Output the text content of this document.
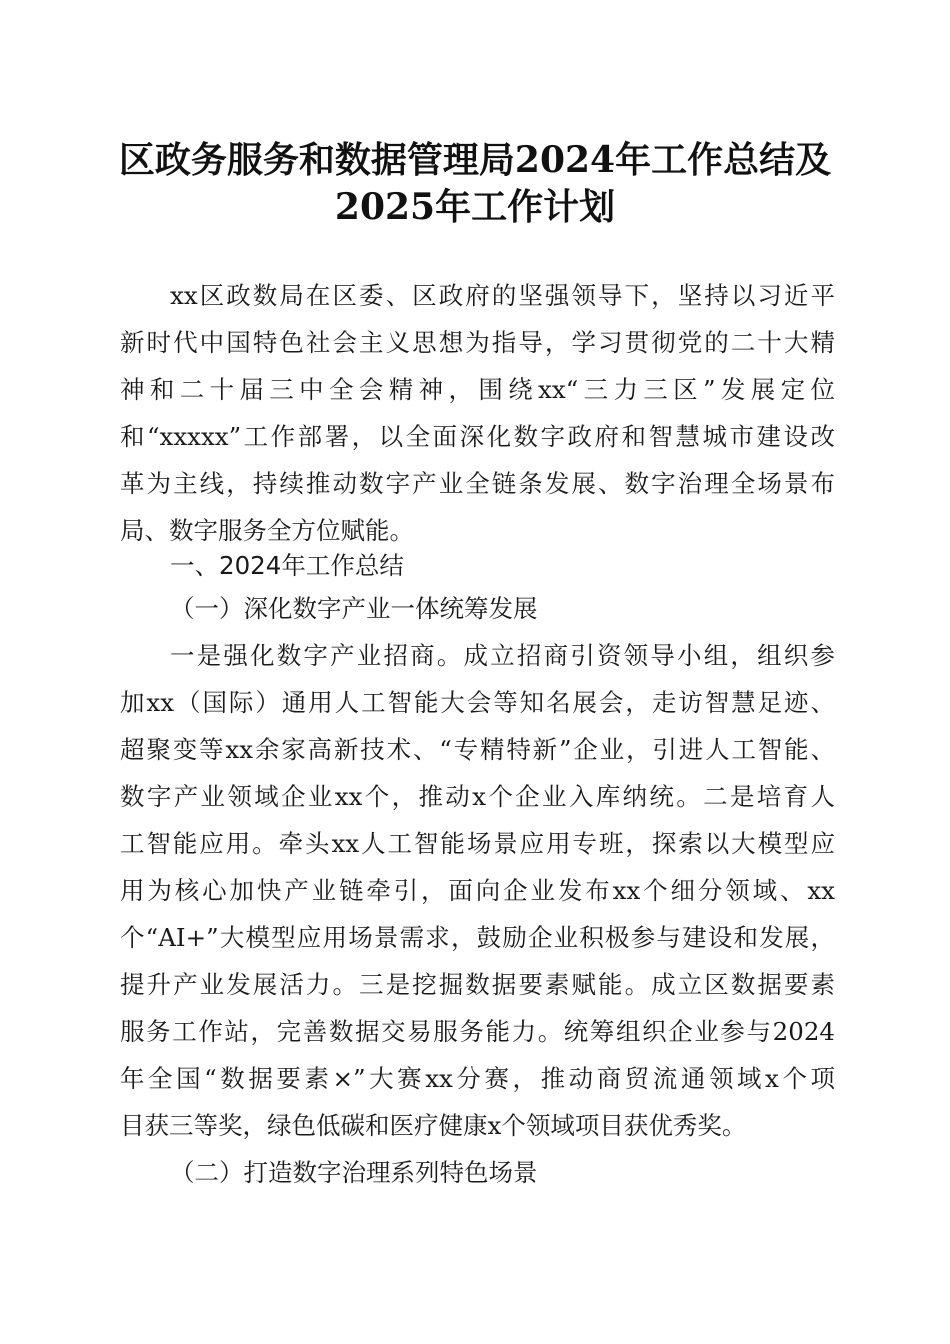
区政务服务和数据管理局2024年工作总结及
2025年工作计划
xx区政数局在区委、区政府的坚强领导下，坚持以习近平
新时代中国特色社会主义思想为指导，学习贯彻党的二十大精
神和二十届三中全会精神，围绕xx“三力三区”发展定位
和“xxxxx”工作部署，以全面深化数字政府和智慧城市建设改
革为主线，持续推动数字产业全链条发展、数字治理全场景布
局、数字服务全方位赋能。
一、2024年工作总结
（一）深化数字产业一体统筹发展
一是强化数字产业招商。成立招商引资领导小组，组织参
加xx（国际）通用人工智能大会等知名展会，走访智慧足迹、
超聚变等xx余家高新技术、“专精特新”企业，引进人工智能、
数字产业领域企业xx个，推动x个企业入库纳统。二是培育人
工智能应用。牵头xx人工智能场景应用专班，探索以大模型应
用为核心加快产业链牵引，面向企业发布xx个细分领域、xx
个“AI+”大模型应用场景需求，鼓励企业积极参与建设和发展，
提升产业发展活力。三是挖掘数据要素赋能。成立区数据要素
服务工作站，完善数据交易服务能力。统筹组织企业参与2024
年全国“数据要素×”大赛xx分赛，推动商贸流通领域x个项
目获三等奖，绿色低碳和医疗健康x个领域项目获优秀奖。
（二）打造数字治理系列特色场景
